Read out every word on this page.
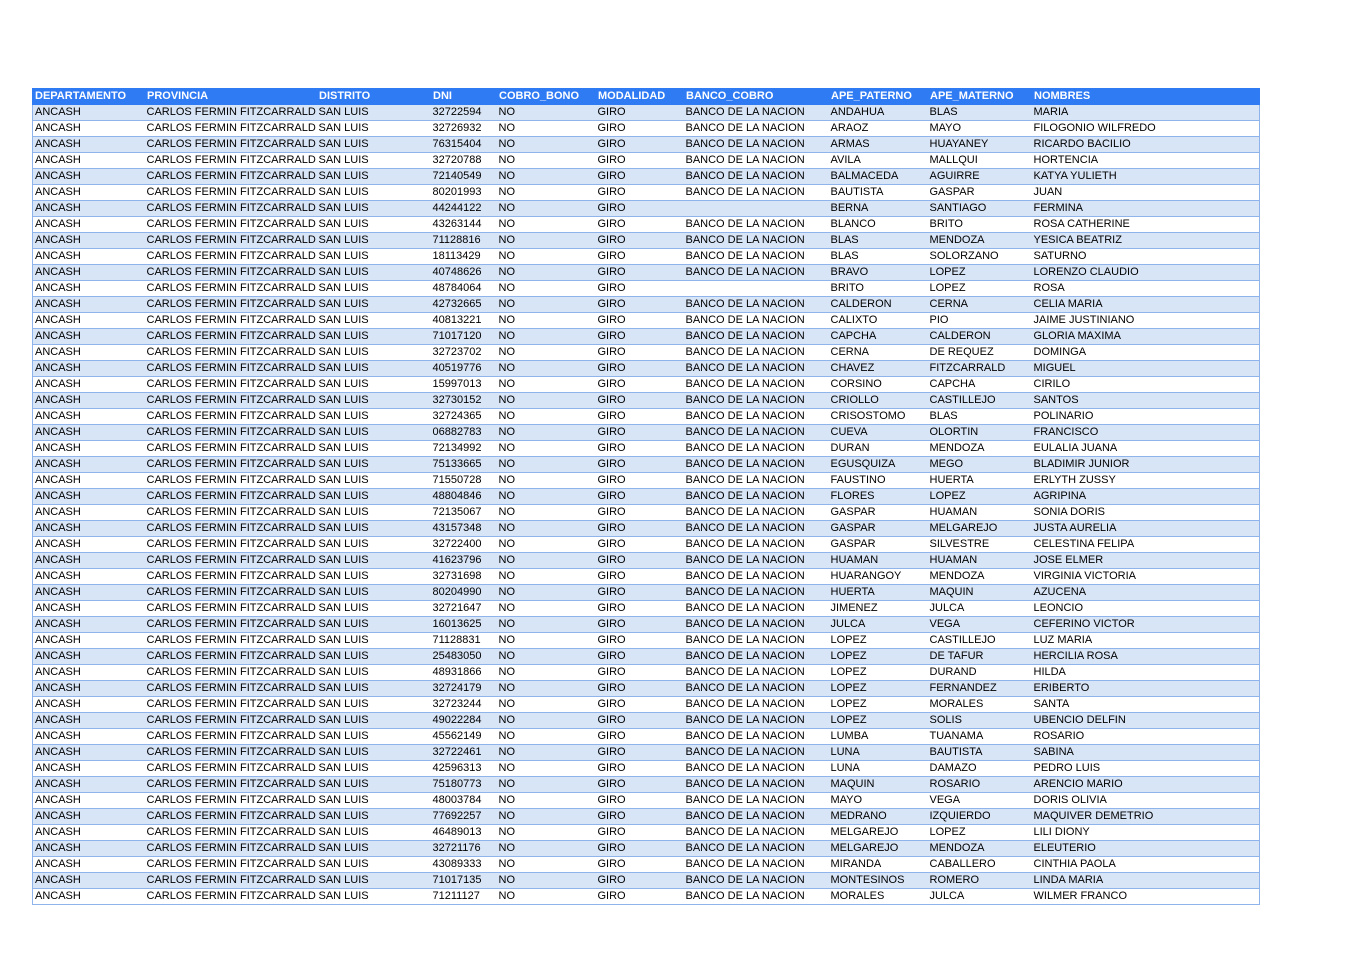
DEPARTAMENTO	PROVINCIA	DISTRITO	DNI	COBRO_BONO	MODALIDAD	BANCO_COBRO	APE_PATERNO	APE_MATERNO	NOMBRES
ANCASH	CARLOS FERMIN FITZCARRALD	SAN LUIS	32722594	NO	GIRO	BANCO DE LA NACION	ANDAHUA	BLAS	MARIA
ANCASH	CARLOS FERMIN FITZCARRALD	SAN LUIS	32726932	NO	GIRO	BANCO DE LA NACION	ARAOZ	MAYO	FILOGONIO WILFREDO
ANCASH	CARLOS FERMIN FITZCARRALD	SAN LUIS	76315404	NO	GIRO	BANCO DE LA NACION	ARMAS	HUAYANEY	RICARDO BACILIO
ANCASH	CARLOS FERMIN FITZCARRALD	SAN LUIS	32720788	NO	GIRO	BANCO DE LA NACION	AVILA	MALLQUI	HORTENCIA
ANCASH	CARLOS FERMIN FITZCARRALD	SAN LUIS	72140549	NO	GIRO	BANCO DE LA NACION	BALMACEDA	AGUIRRE	KATYA YULIETH
ANCASH	CARLOS FERMIN FITZCARRALD	SAN LUIS	80201993	NO	GIRO	BANCO DE LA NACION	BAUTISTA	GASPAR	JUAN
ANCASH	CARLOS FERMIN FITZCARRALD	SAN LUIS	44244122	NO	GIRO		BERNA	SANTIAGO	FERMINA
ANCASH	CARLOS FERMIN FITZCARRALD	SAN LUIS	43263144	NO	GIRO	BANCO DE LA NACION	BLANCO	BRITO	ROSA CATHERINE
ANCASH	CARLOS FERMIN FITZCARRALD	SAN LUIS	71128816	NO	GIRO	BANCO DE LA NACION	BLAS	MENDOZA	YESICA BEATRIZ
ANCASH	CARLOS FERMIN FITZCARRALD	SAN LUIS	18113429	NO	GIRO	BANCO DE LA NACION	BLAS	SOLORZANO	SATURNO
ANCASH	CARLOS FERMIN FITZCARRALD	SAN LUIS	40748626	NO	GIRO	BANCO DE LA NACION	BRAVO	LOPEZ	LORENZO CLAUDIO
ANCASH	CARLOS FERMIN FITZCARRALD	SAN LUIS	48784064	NO	GIRO		BRITO	LOPEZ	ROSA
ANCASH	CARLOS FERMIN FITZCARRALD	SAN LUIS	42732665	NO	GIRO	BANCO DE LA NACION	CALDERON	CERNA	CELIA MARIA
ANCASH	CARLOS FERMIN FITZCARRALD	SAN LUIS	40813221	NO	GIRO	BANCO DE LA NACION	CALIXTO	PIO	JAIME JUSTINIANO
ANCASH	CARLOS FERMIN FITZCARRALD	SAN LUIS	71017120	NO	GIRO	BANCO DE LA NACION	CAPCHA	CALDERON	GLORIA MAXIMA
ANCASH	CARLOS FERMIN FITZCARRALD	SAN LUIS	32723702	NO	GIRO	BANCO DE LA NACION	CERNA	DE REQUEZ	DOMINGA
ANCASH	CARLOS FERMIN FITZCARRALD	SAN LUIS	40519776	NO	GIRO	BANCO DE LA NACION	CHAVEZ	FITZCARRALD	MIGUEL
ANCASH	CARLOS FERMIN FITZCARRALD	SAN LUIS	15997013	NO	GIRO	BANCO DE LA NACION	CORSINO	CAPCHA	CIRILO
ANCASH	CARLOS FERMIN FITZCARRALD	SAN LUIS	32730152	NO	GIRO	BANCO DE LA NACION	CRIOLLO	CASTILLEJO	SANTOS
ANCASH	CARLOS FERMIN FITZCARRALD	SAN LUIS	32724365	NO	GIRO	BANCO DE LA NACION	CRISOSTOMO	BLAS	POLINARIO
ANCASH	CARLOS FERMIN FITZCARRALD	SAN LUIS	06882783	NO	GIRO	BANCO DE LA NACION	CUEVA	OLORTIN	FRANCISCO
ANCASH	CARLOS FERMIN FITZCARRALD	SAN LUIS	72134992	NO	GIRO	BANCO DE LA NACION	DURAN	MENDOZA	EULALIA JUANA
ANCASH	CARLOS FERMIN FITZCARRALD	SAN LUIS	75133665	NO	GIRO	BANCO DE LA NACION	EGUSQUIZA	MEGO	BLADIMIR JUNIOR
ANCASH	CARLOS FERMIN FITZCARRALD	SAN LUIS	71550728	NO	GIRO	BANCO DE LA NACION	FAUSTINO	HUERTA	ERLYTH ZUSSY
ANCASH	CARLOS FERMIN FITZCARRALD	SAN LUIS	48804846	NO	GIRO	BANCO DE LA NACION	FLORES	LOPEZ	AGRIPINA
ANCASH	CARLOS FERMIN FITZCARRALD	SAN LUIS	72135067	NO	GIRO	BANCO DE LA NACION	GASPAR	HUAMAN	SONIA DORIS
ANCASH	CARLOS FERMIN FITZCARRALD	SAN LUIS	43157348	NO	GIRO	BANCO DE LA NACION	GASPAR	MELGAREJO	JUSTA AURELIA
ANCASH	CARLOS FERMIN FITZCARRALD	SAN LUIS	32722400	NO	GIRO	BANCO DE LA NACION	GASPAR	SILVESTRE	CELESTINA FELIPA
ANCASH	CARLOS FERMIN FITZCARRALD	SAN LUIS	41623796	NO	GIRO	BANCO DE LA NACION	HUAMAN	HUAMAN	JOSE ELMER
ANCASH	CARLOS FERMIN FITZCARRALD	SAN LUIS	32731698	NO	GIRO	BANCO DE LA NACION	HUARANGOY	MENDOZA	VIRGINIA VICTORIA
ANCASH	CARLOS FERMIN FITZCARRALD	SAN LUIS	80204990	NO	GIRO	BANCO DE LA NACION	HUERTA	MAQUIN	AZUCENA
ANCASH	CARLOS FERMIN FITZCARRALD	SAN LUIS	32721647	NO	GIRO	BANCO DE LA NACION	JIMENEZ	JULCA	LEONCIO
ANCASH	CARLOS FERMIN FITZCARRALD	SAN LUIS	16013625	NO	GIRO	BANCO DE LA NACION	JULCA	VEGA	CEFERINO VICTOR
ANCASH	CARLOS FERMIN FITZCARRALD	SAN LUIS	71128831	NO	GIRO	BANCO DE LA NACION	LOPEZ	CASTILLEJO	LUZ MARIA
ANCASH	CARLOS FERMIN FITZCARRALD	SAN LUIS	25483050	NO	GIRO	BANCO DE LA NACION	LOPEZ	DE TAFUR	HERCILIA ROSA
ANCASH	CARLOS FERMIN FITZCARRALD	SAN LUIS	48931866	NO	GIRO	BANCO DE LA NACION	LOPEZ	DURAND	HILDA
ANCASH	CARLOS FERMIN FITZCARRALD	SAN LUIS	32724179	NO	GIRO	BANCO DE LA NACION	LOPEZ	FERNANDEZ	ERIBERTO
ANCASH	CARLOS FERMIN FITZCARRALD	SAN LUIS	32723244	NO	GIRO	BANCO DE LA NACION	LOPEZ	MORALES	SANTA
ANCASH	CARLOS FERMIN FITZCARRALD	SAN LUIS	49022284	NO	GIRO	BANCO DE LA NACION	LOPEZ	SOLIS	UBENCIO DELFIN
ANCASH	CARLOS FERMIN FITZCARRALD	SAN LUIS	45562149	NO	GIRO	BANCO DE LA NACION	LUMBA	TUANAMA	ROSARIO
ANCASH	CARLOS FERMIN FITZCARRALD	SAN LUIS	32722461	NO	GIRO	BANCO DE LA NACION	LUNA	BAUTISTA	SABINA
ANCASH	CARLOS FERMIN FITZCARRALD	SAN LUIS	42596313	NO	GIRO	BANCO DE LA NACION	LUNA	DAMAZO	PEDRO LUIS
ANCASH	CARLOS FERMIN FITZCARRALD	SAN LUIS	75180773	NO	GIRO	BANCO DE LA NACION	MAQUIN	ROSARIO	ARENCIO MARIO
ANCASH	CARLOS FERMIN FITZCARRALD	SAN LUIS	48003784	NO	GIRO	BANCO DE LA NACION	MAYO	VEGA	DORIS OLIVIA
ANCASH	CARLOS FERMIN FITZCARRALD	SAN LUIS	77692257	NO	GIRO	BANCO DE LA NACION	MEDRANO	IZQUIERDO	MAQUIVER DEMETRIO
ANCASH	CARLOS FERMIN FITZCARRALD	SAN LUIS	46489013	NO	GIRO	BANCO DE LA NACION	MELGAREJO	LOPEZ	LILI DIONY
ANCASH	CARLOS FERMIN FITZCARRALD	SAN LUIS	32721176	NO	GIRO	BANCO DE LA NACION	MELGAREJO	MENDOZA	ELEUTERIO
ANCASH	CARLOS FERMIN FITZCARRALD	SAN LUIS	43089333	NO	GIRO	BANCO DE LA NACION	MIRANDA	CABALLERO	CINTHIA PAOLA
ANCASH	CARLOS FERMIN FITZCARRALD	SAN LUIS	71017135	NO	GIRO	BANCO DE LA NACION	MONTESINOS	ROMERO	LINDA MARIA
ANCASH	CARLOS FERMIN FITZCARRALD	SAN LUIS	71211127	NO	GIRO	BANCO DE LA NACION	MORALES	JULCA	WILMER FRANCO
